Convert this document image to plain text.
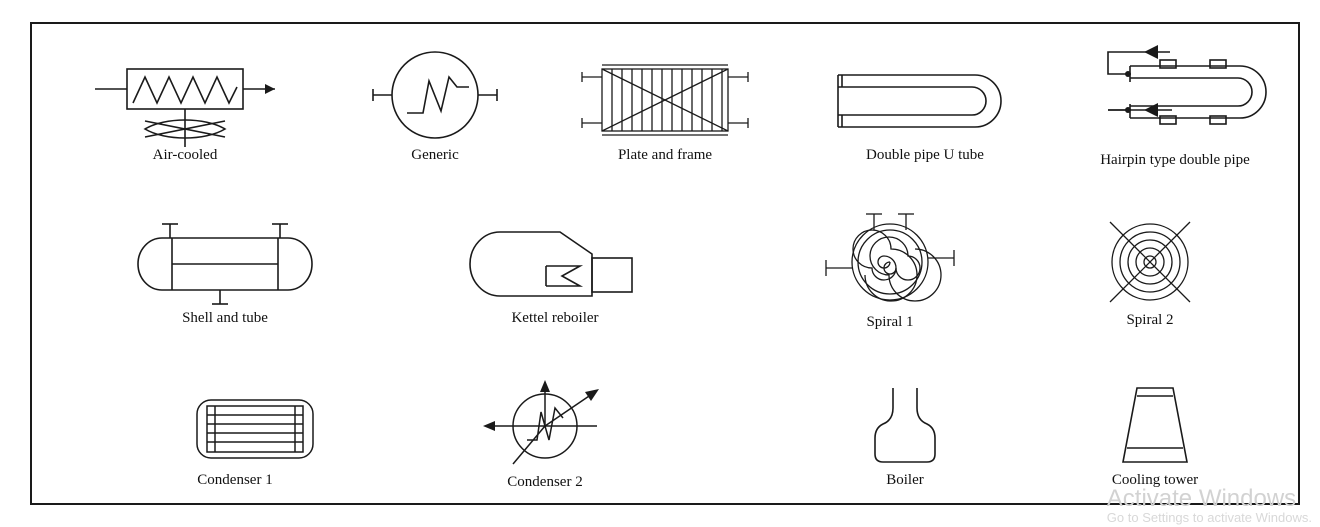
Air-cooled	Generic	Plate and frame	Double pipe U tube	Hairpin type double pipe
Shell and tube	Kettel reboiler	Spiral 1	Spiral 2
Condenser 1	Condenser 2	Boiler	Cooling tower
Activate Windows
Go to Settings to activate Windows.
